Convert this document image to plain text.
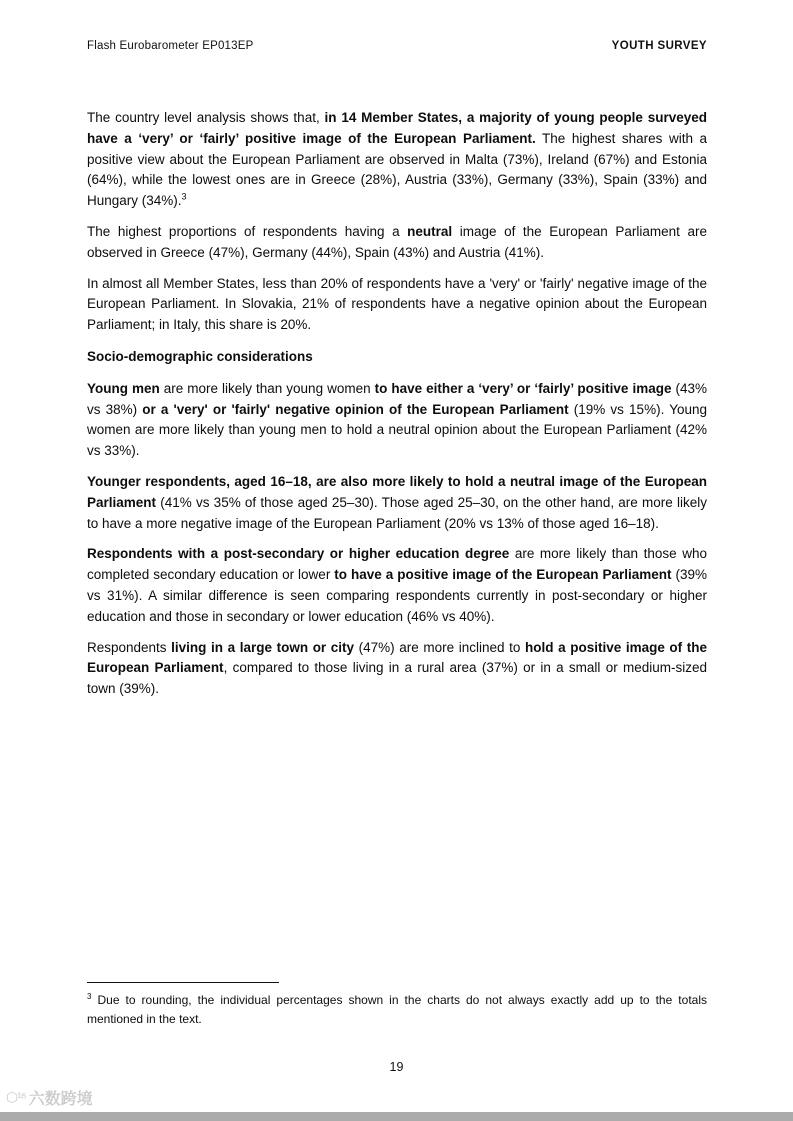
Flash Eurobarometer EP013EP	YOUTH SURVEY

The country level analysis shows that, in 14 Member States, a majority of young people surveyed have a ‘very’ or ‘fairly’ positive image of the European Parliament. The highest shares with a positive view about the European Parliament are observed in Malta (73%), Ireland (67%) and Estonia (64%), while the lowest ones are in Greece (28%), Austria (33%), Germany (33%), Spain (33%) and Hungary (34%).$^3$

The highest proportions of respondents having a neutral image of the European Parliament are observed in Greece (47%), Germany (44%), Spain (43%) and Austria (41%).

In almost all Member States, less than 20% of respondents have a 'very' or 'fairly' negative image of the European Parliament. In Slovakia, 21% of respondents have a negative opinion about the European Parliament; in Italy, this share is 20%.

Socio-demographic considerations

Young men are more likely than young women to have either a ‘very’ or ‘fairly’ positive image (43% vs 38%) or a 'very' or 'fairly' negative opinion of the European Parliament (19% vs 15%). Young women are more likely than young men to hold a neutral opinion about the European Parliament (42% vs 33%).

Younger respondents, aged 16–18, are also more likely to hold a neutral image of the European Parliament (41% vs 35% of those aged 25–30). Those aged 25–30, on the other hand, are more likely to have a more negative image of the European Parliament (20% vs 13% of those aged 16–18).

Respondents with a post-secondary or higher education degree are more likely than those who completed secondary education or lower to have a positive image of the European Parliament (39% vs 31%). A similar difference is seen comparing respondents currently in post-secondary or higher education and those in secondary or lower education (46% vs 40%).

Respondents living in a large town or city (47%) are more inclined to hold a positive image of the European Parliament, compared to those living in a rural area (37%) or in a small or medium-sized town (39%).

$^3$ Due to rounding, the individual percentages shown in the charts do not always exactly add up to the totals mentioned in the text.
19
⬡¹⁶ 六数跨境
